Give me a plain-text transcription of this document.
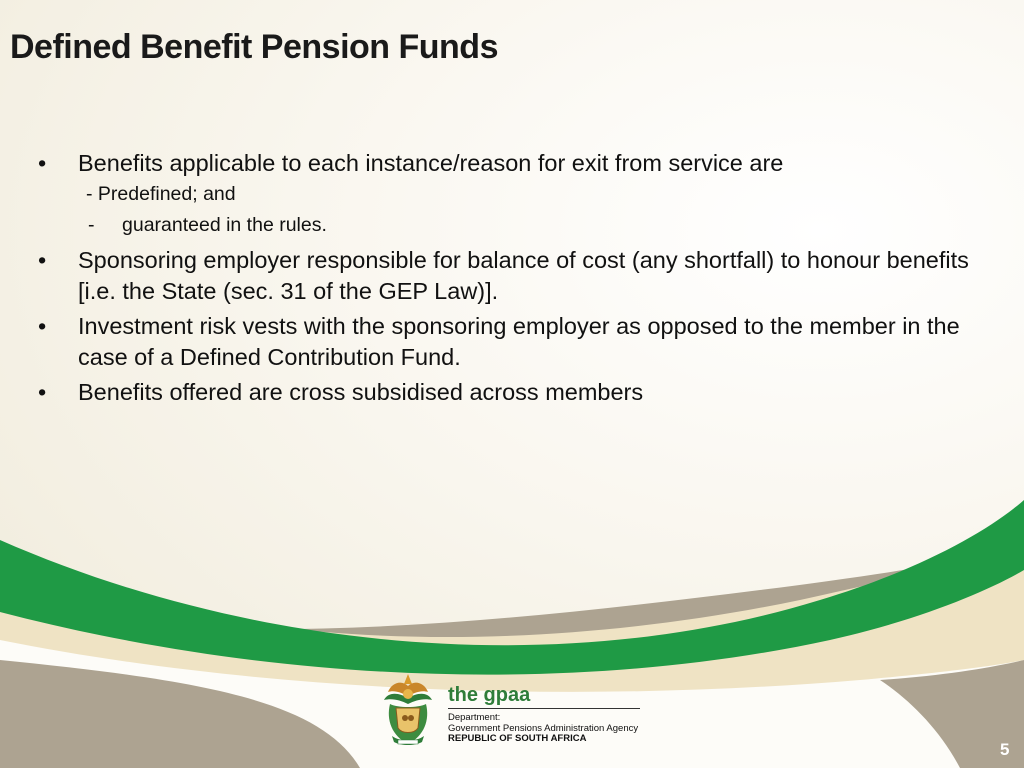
Defined Benefit Pension Funds
•	Benefits applicable to each instance/reason for exit from service are
- Predefined; and
- guaranteed in the rules.
•	Sponsoring employer responsible for balance of cost (any shortfall) to honour benefits [i.e. the State (sec. 31 of the GEP Law)].
•	Investment risk vests with the sponsoring employer as opposed to the member in the case of a Defined Contribution Fund.
•	Benefits offered are cross subsidised across members
the gpaa
Department:
Government Pensions Administration Agency
REPUBLIC OF SOUTH AFRICA
5
